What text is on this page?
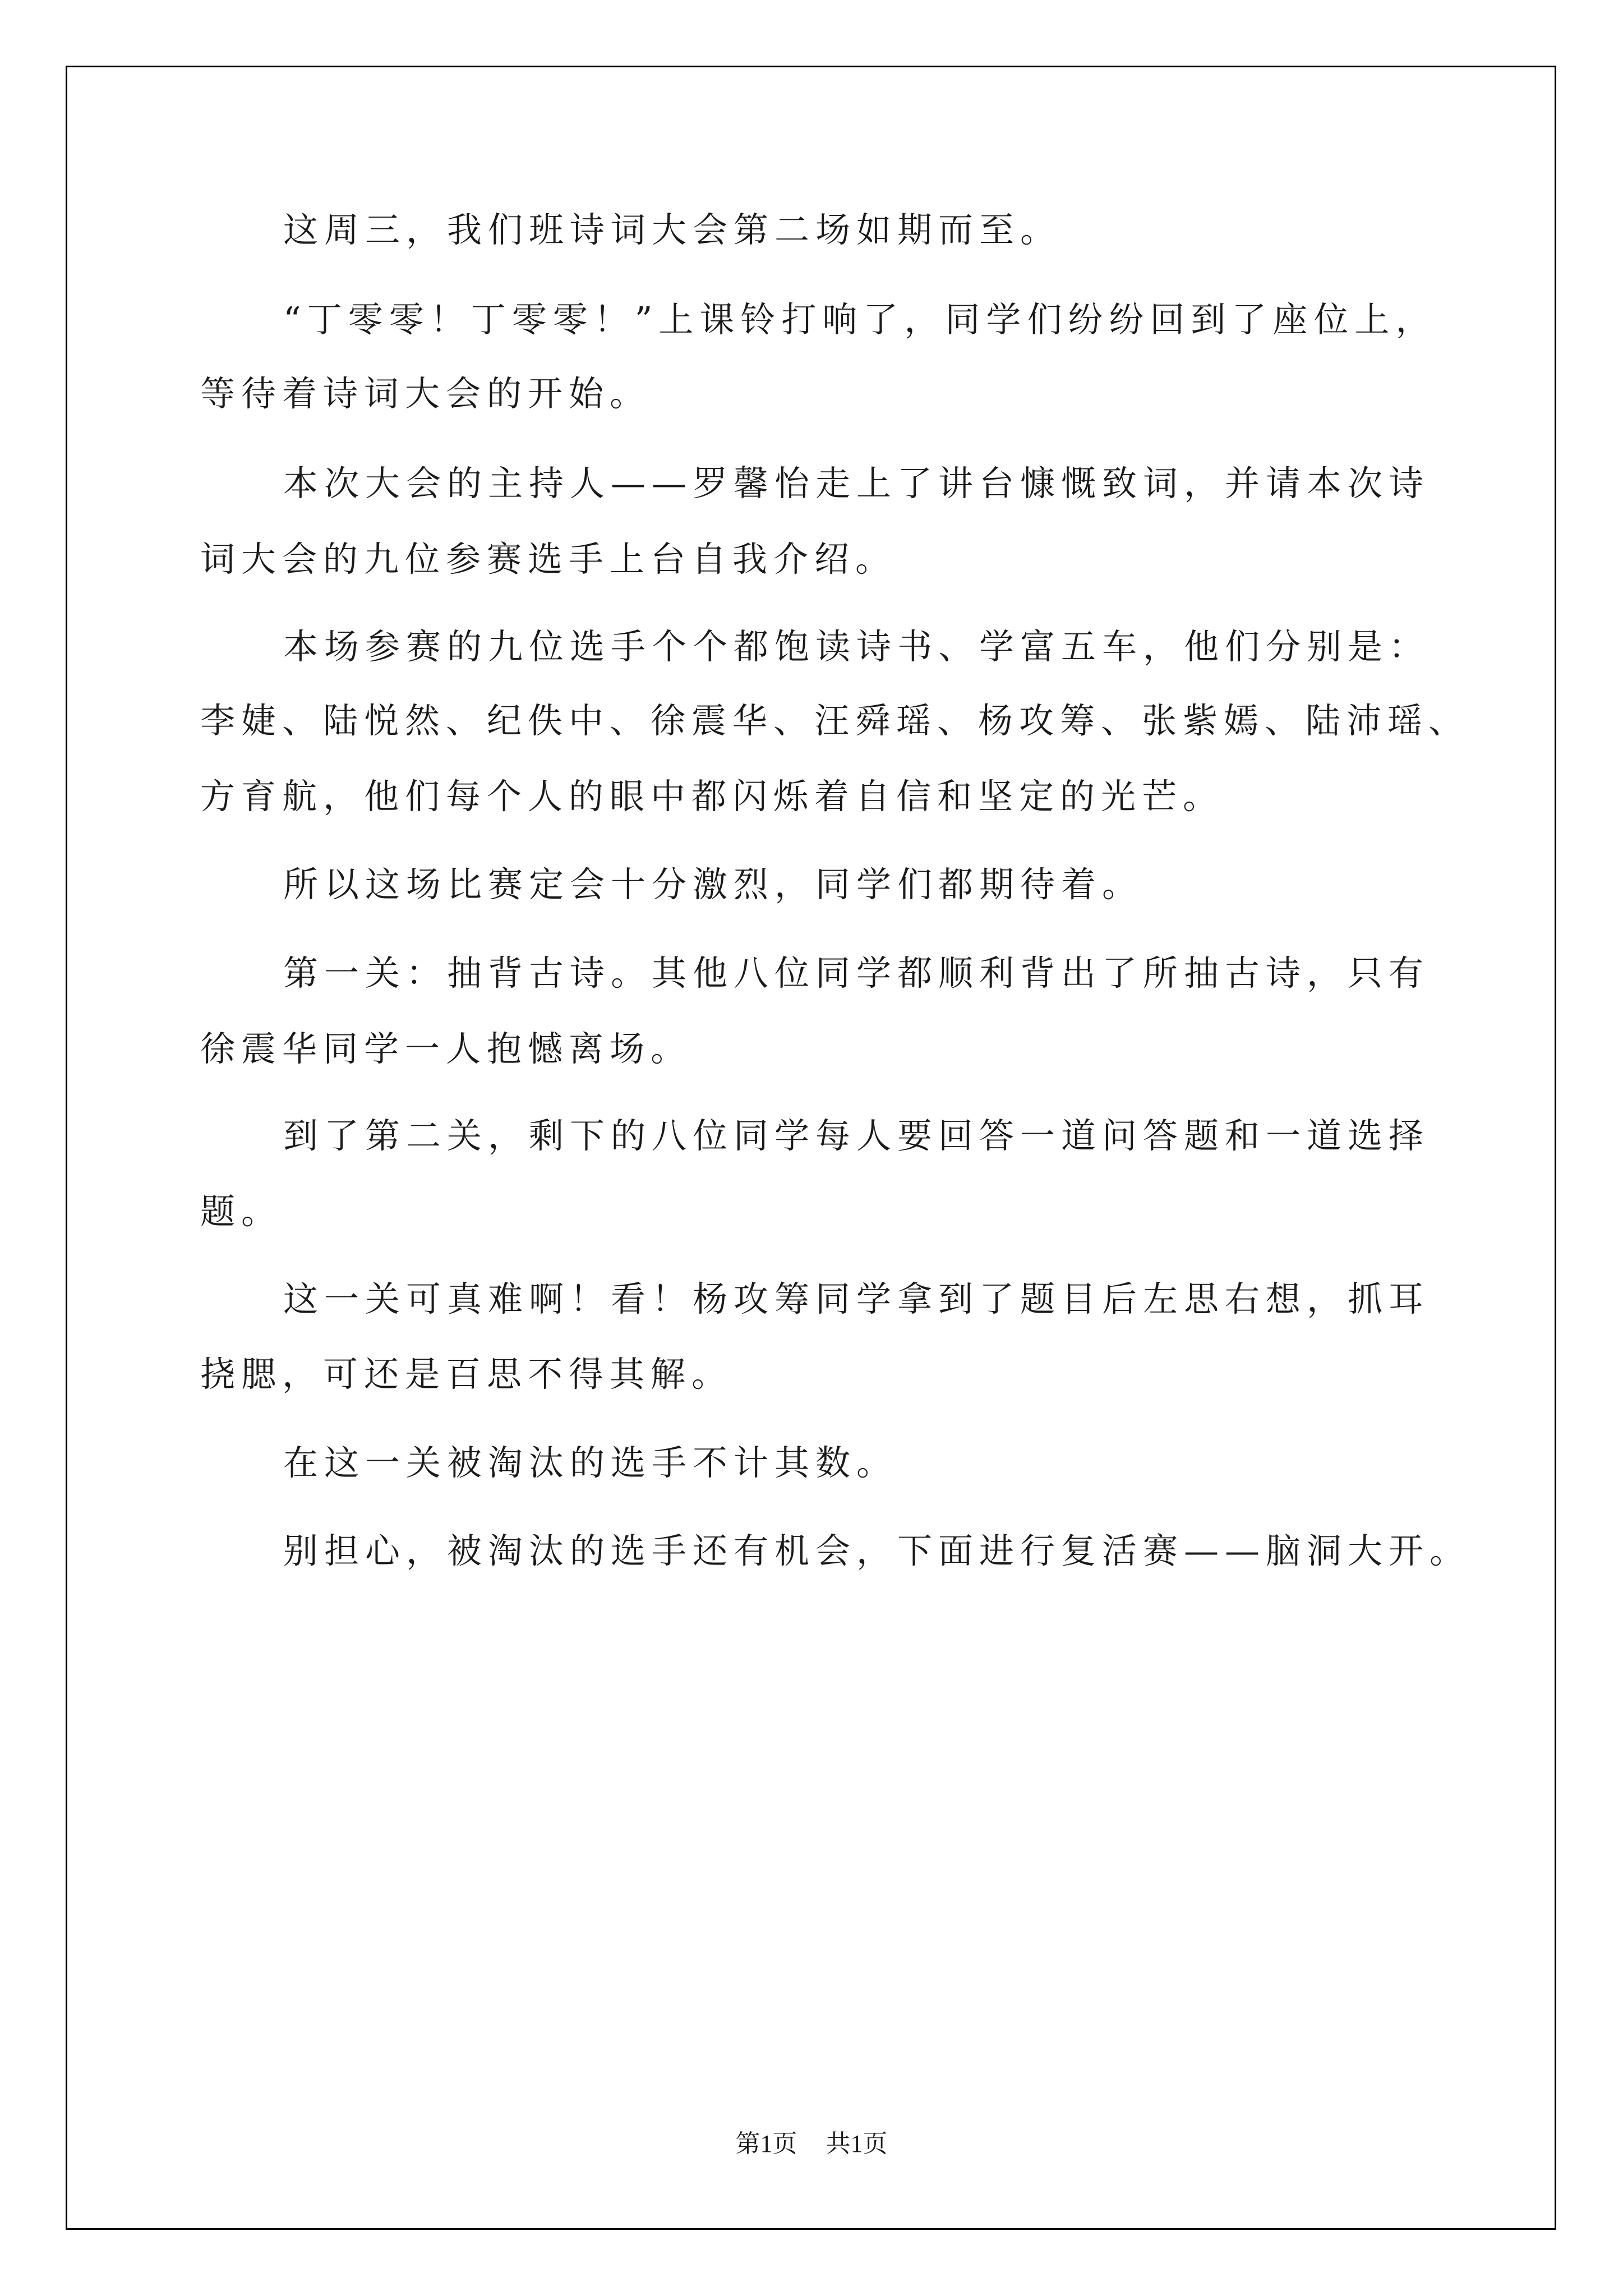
这周三，我们班诗词大会第二场如期而至。
“丁零零！丁零零！”上课铃打响了，同学们纷纷回到了座位上，
等待着诗词大会的开始。
本次大会的主持人——罗馨怡走上了讲台慷慨致词，并请本次诗
词大会的九位参赛选手上台自我介绍。
本场参赛的九位选手个个都饱读诗书、学富五车，他们分别是：
李婕、陆悦然、纪佚中、徐震华、汪舜瑶、杨攻筹、张紫嫣、陆沛瑶、
方育航，他们每个人的眼中都闪烁着自信和坚定的光芒。
所以这场比赛定会十分激烈，同学们都期待着。
第一关：抽背古诗。其他八位同学都顺利背出了所抽古诗，只有
徐震华同学一人抱憾离场。
到了第二关，剩下的八位同学每人要回答一道问答题和一道选择
题。
这一关可真难啊！看！杨攻筹同学拿到了题目后左思右想，抓耳
挠腮，可还是百思不得其解。
在这一关被淘汰的选手不计其数。
别担心，被淘汰的选手还有机会，下面进行复活赛——脑洞大开。
第1页 共1页
